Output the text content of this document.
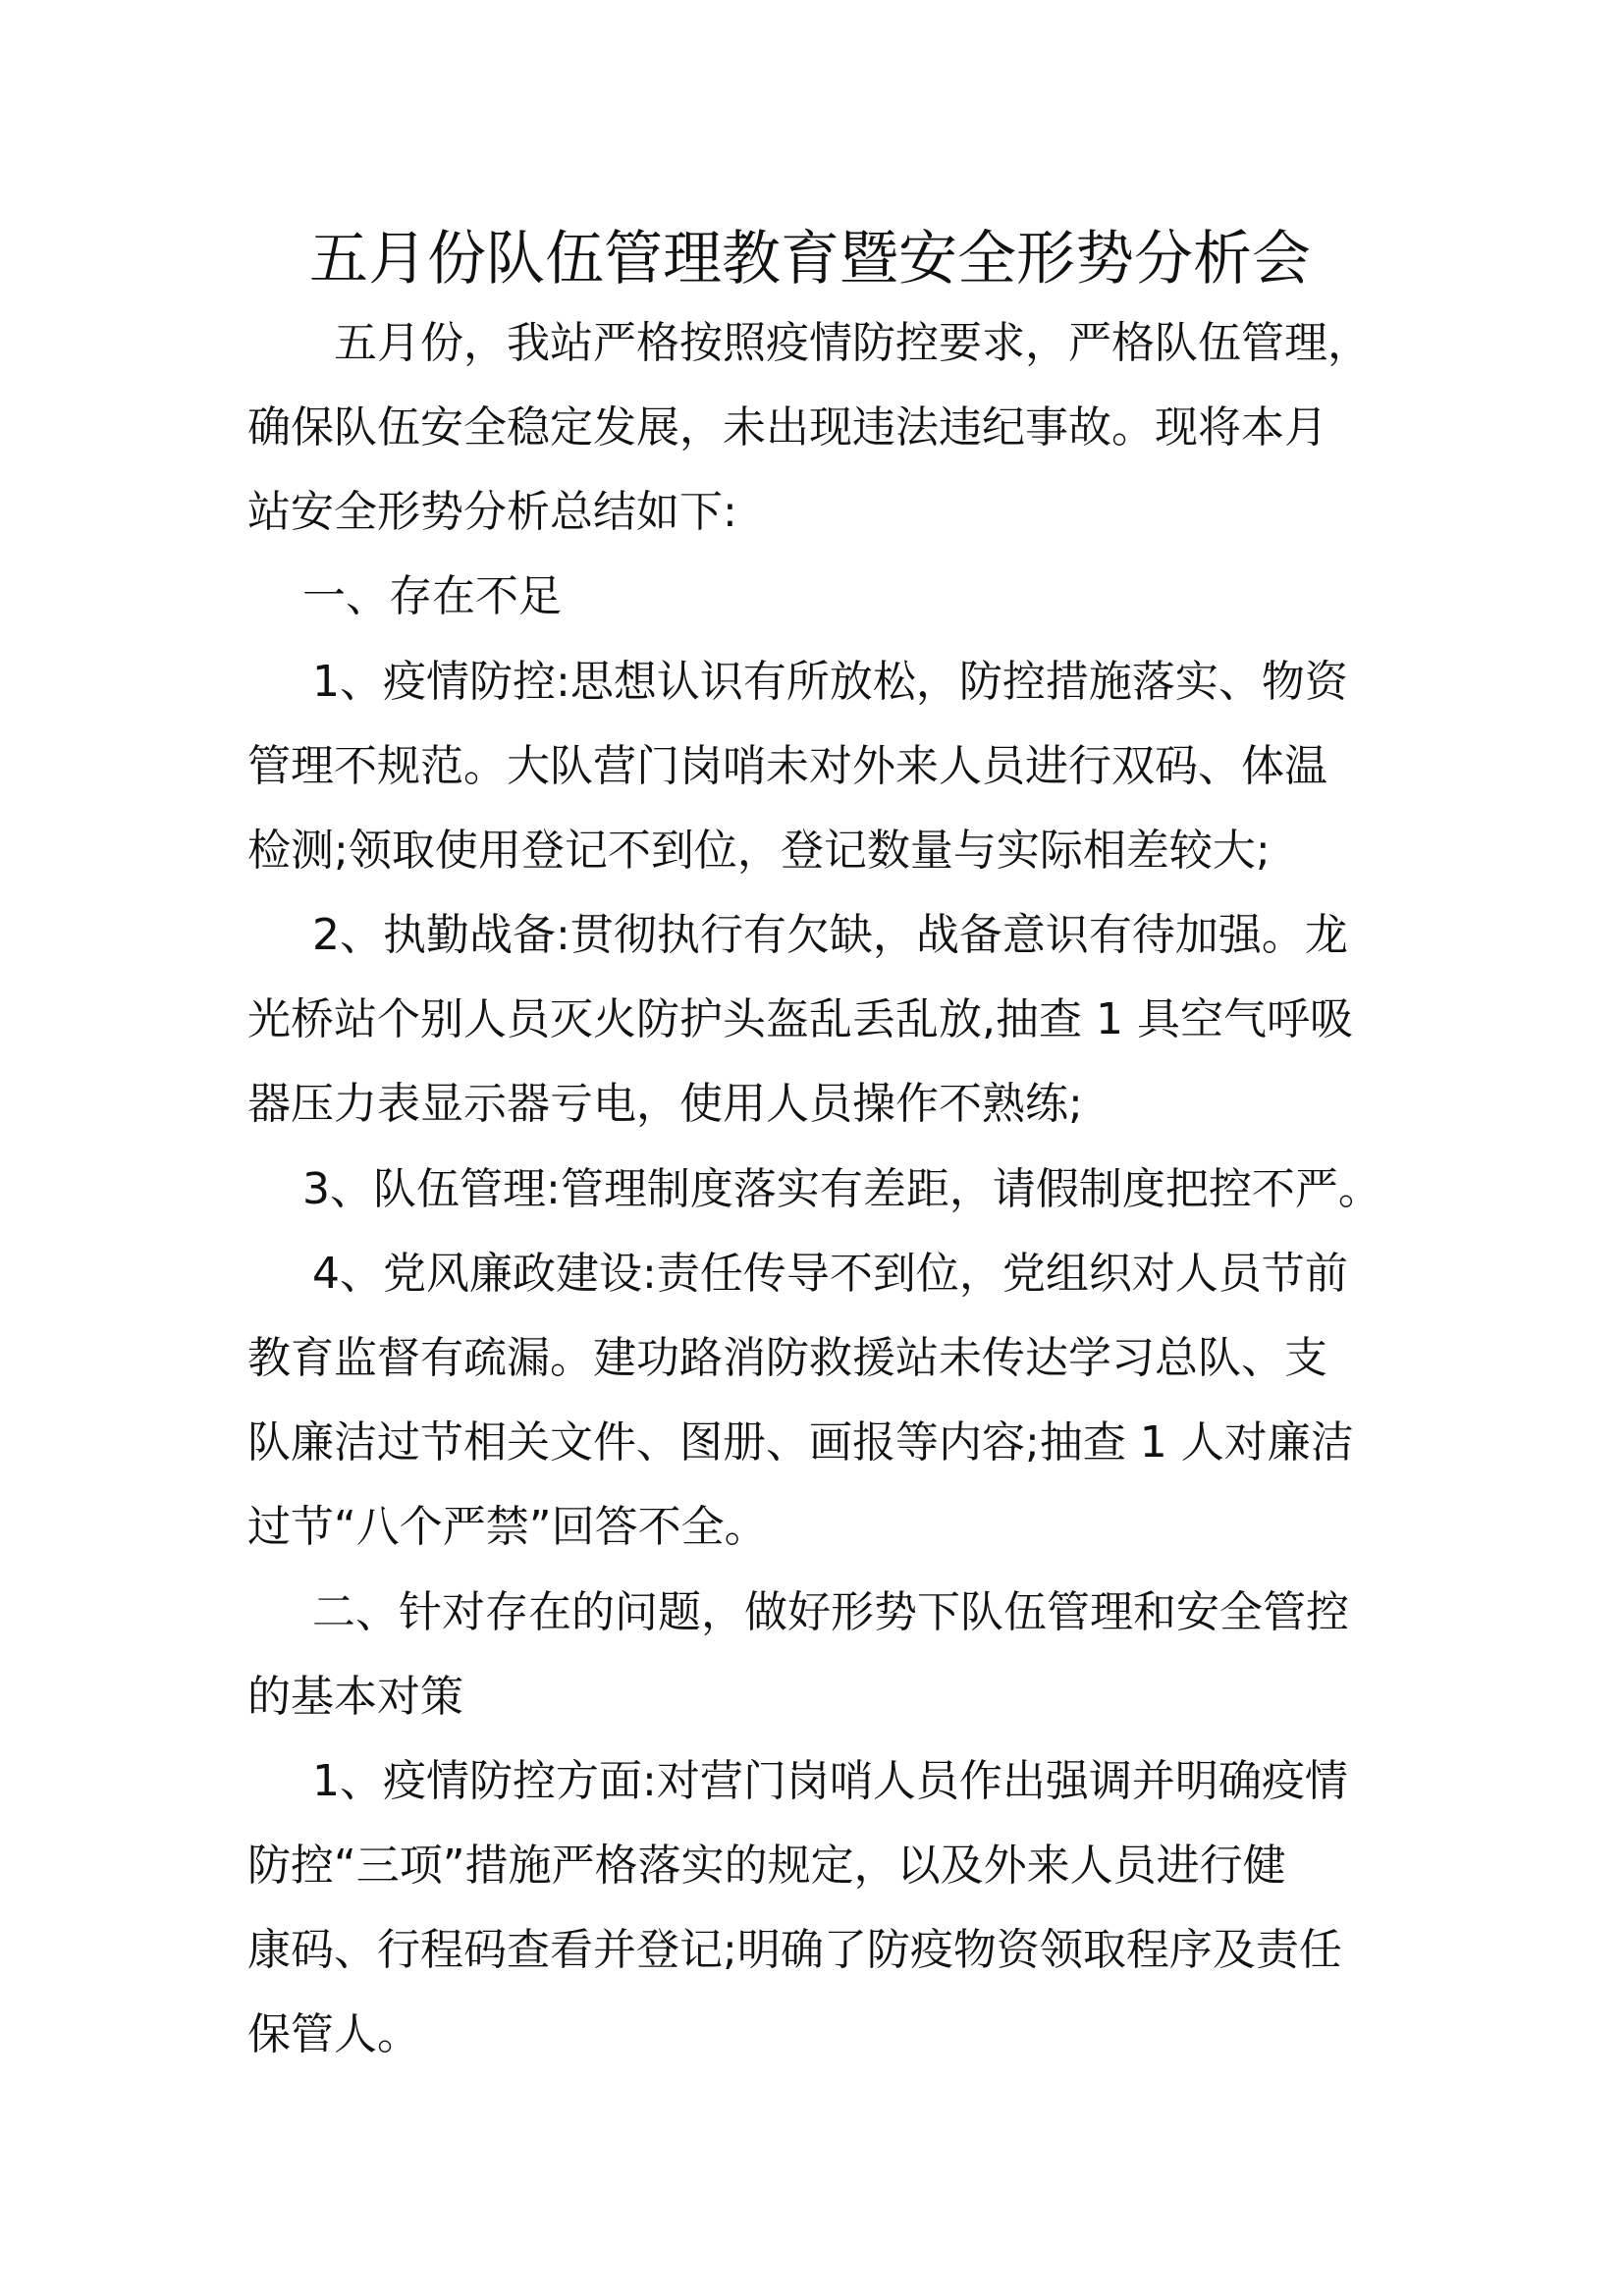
五月份队伍管理教育暨安全形势分析会
五月份，我站严格按照疫情防控要求，严格队伍管理，
确保队伍安全稳定发展，未出现违法违纪事故。现将本月
站安全形势分析总结如下:
一、存在不足
1、疫情防控:思想认识有所放松，防控措施落实、物资
管理不规范。大队营门岗哨未对外来人员进行双码、体温
检测;领取使用登记不到位，登记数量与实际相差较大;
2、执勤战备:贯彻执行有欠缺，战备意识有待加强。龙
光桥站个别人员灭火防护头盔乱丢乱放,抽查 1 具空气呼吸
器压力表显示器亏电，使用人员操作不熟练;
3、队伍管理:管理制度落实有差距，请假制度把控不严。
4、党风廉政建设:责任传导不到位，党组织对人员节前
教育监督有疏漏。建功路消防救援站未传达学习总队、支
队廉洁过节相关文件、图册、画报等内容;抽查 1 人对廉洁
过节“八个严禁”回答不全。
二、针对存在的问题，做好形势下队伍管理和安全管控
的基本对策
1、疫情防控方面:对营门岗哨人员作出强调并明确疫情
防控“三项”措施严格落实的规定，以及外来人员进行健
康码、行程码查看并登记;明确了防疫物资领取程序及责任
保管人。
